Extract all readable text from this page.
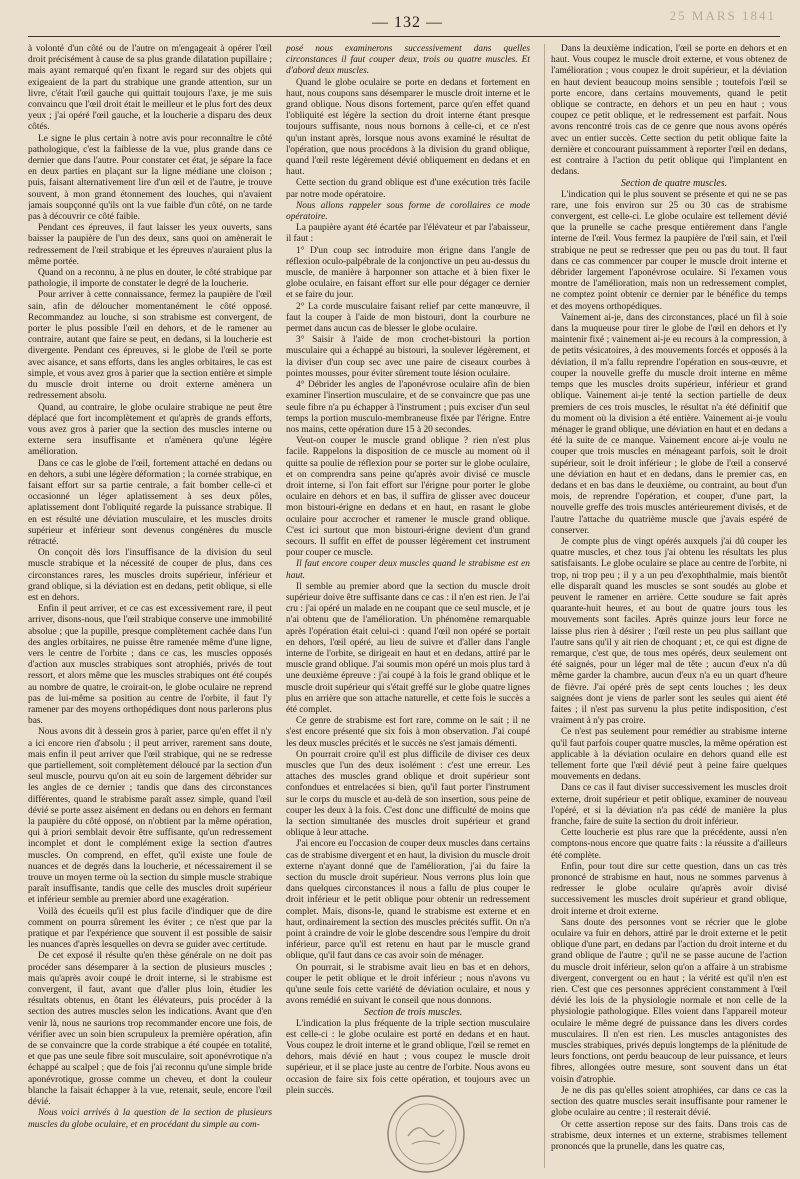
— 132 —	25 MARS 1841

à volonté d'un côté ou de l'autre on m'engageait à opérer l'œil droit précisément à cause de sa plus grande dilatation pupillaire ; mais ayant remarqué qu'en fixant le regard sur des objets qui exigeaient de la part du strabique une grande attention, sur un livre, c'était l'œil gauche qui quittait toujours l'axe, je me suis convaincu que l'œil droit était le meilleur et le plus fort des deux yeux ; j'ai opéré l'œil gauche, et la loucherie a disparu des deux côtés.

Le signe le plus certain à notre avis pour reconnaître le côté pathologique, c'est la faiblesse de la vue, plus grande dans ce dernier que dans l'autre. Pour constater cet état, je sépare la face en deux parties en plaçant sur la ligne médiane une cloison ; puis, faisant alternativement lire d'un œil et de l'autre, je trouve souvent, à mon grand étonnement des louches, qui n'avaient jamais soupçonné qu'ils ont la vue faible d'un côté, on ne tarde pas à découvrir ce côté faible.

Pendant ces épreuves, il faut laisser les yeux ouverts, sans baisser la paupière de l'un des deux, sans quoi on amènerait le redressement de l'œil strabique et les épreuves n'auraient plus la même portée.

Quand on a reconnu, à ne plus en douter, le côté strabique par pathologie, il importe de constater le degré de la loucherie.

Pour arriver à cette connaissance, fermez la paupière de l'œil sain, afin de déloucher momentanément le côté opposé. Recommandez au louche, si son strabisme est convergent, de porter le plus possible l'œil en dehors, et de le ramener au contraire, autant que faire se peut, en dedans, si la loucherie est divergente. Pendant ces épreuves, si le globe de l'œil se porte avec aisance, et sans efforts, dans les angles orbitaires, le cas est simple, et vous avez gros à parier que la section entière et simple du muscle droit interne ou droit externe amènera un redressement absolu.

Quand, au contraire, le globe oculaire strabique ne peut être déplacé que fort incomplètement et qu'après de grands efforts, vous avez gros à parier que la section des muscles interne ou externe sera insuffisante et n'amènera qu'une légère amélioration.

Dans ce cas le globe de l'œil, fortement attaché en dedans ou en dehors, a subi une légère déformation ; la cornée strabique, en faisant effort sur sa partie centrale, a fait bomber celle-ci et occasionné un léger aplatissement à ses deux pôles, aplatissement dont l'obliquité regarde la puissance strabique. Il en est résulté une déviation musculaire, et les muscles droits supérieur et inférieur sont devenus congénères du muscle rétracté.

On conçoit dès lors l'insuffisance de la division du seul muscle strabique et la nécessité de couper de plus, dans ces circonstances rares, les muscles droits supérieur, inférieur et grand oblique, si la déviation est en dedans, petit oblique, si elle est en dehors.

Enfin il peut arriver, et ce cas est excessivement rare, il peut arriver, disons-nous, que l'œil strabique conserve une immobilité absolue ; que la pupille, presque complètement cachée dans l'un des angles orbitaires, ne puisse être ramenée même d'une ligne, vers le centre de l'orbite ; dans ce cas, les muscles opposés d'action aux muscles strabiques sont atrophiés, privés de tout ressort, et alors même que les muscles strabiques ont été coupés au nombre de quatre, le croirait-on, le globe oculaire ne reprend pas de lui-même sa position au centre de l'orbite, il faut l'y ramener par des moyens orthopédiques dont nous parlerons plus bas.

Nous avons dit à dessein gros à parier, parce qu'en effet il n'y a ici encore rien d'absolu ; il peut arriver, rarement sans doute, mais enfin il peut arriver que l'œil strabique, qui ne se redresse que partiellement, soit complètement déloucé par la section d'un seul muscle, pourvu qu'on ait eu soin de largement débrider sur les angles de ce dernier ; tandis que dans des circonstances différentes, quand le strabisme paraît assez simple, quand l'œil dévié se porte assez aisément en dedans ou en dehors en fermant la paupière du côté opposé, on n'obtient par la même opération, qui à priori semblait devoir être suffisante, qu'un redressement incomplet et dont le complément exige la section d'autres muscles. On comprend, en effet, qu'il existe une foule de nuances et de degrés dans la loucherie, et nécessairement il se trouve un moyen terme où la section du simple muscle strabique paraît insuffisante, tandis que celle des muscles droit supérieur et inférieur semble au premier abord une exagération.

Voilà des écueils qu'il est plus facile d'indiquer que de dire comment on pourra sûrement les éviter ; ce n'est que par la pratique et par l'expérience que souvent il est possible de saisir les nuances d'après lesquelles on devra se guider avec certitude.

De cet exposé il résulte qu'en thèse générale on ne doit pas procéder sans désemparer à la section de plusieurs muscles ; mais qu'après avoir coupé le droit interne, si le strabisme est convergent, il faut, avant que d'aller plus loin, étudier les résultats obtenus, en ôtant les élévateurs, puis procéder à la section des autres muscles selon les indications. Avant que d'en venir là, nous ne saurions trop recommander encore une fois, de vérifier avec un soin bien scrupuleux la première opération, afin de se convaincre que la corde strabique a été coupée en totalité, et que pas une seule fibre soit musculaire, soit aponévrotique n'a échappé au scalpel ; que de fois j'ai reconnu qu'une simple bride aponévrotique, grosse comme un cheveu, et dont la couleur blanche la faisait échapper à la vue, retenait, seule, encore l'œil dévié.

Nous voici arrivés à la question de la section de plusieurs muscles du globe oculaire, et en procédant du simple au com-

posé nous examinerons successivement dans quelles circonstances il faut couper deux, trois ou quatre muscles. Et d'abord deux muscles.

Quand le globe oculaire se porte en dedans et fortement en haut, nous coupons sans désemparer le muscle droit interne et le grand oblique. Nous disons fortement, parce qu'en effet quand l'obliquité est légère la section du droit interne étant presque toujours suffisante, nous nous bornons à celle-ci, et ce n'est qu'un instant après, lorsque nous avons examiné le résultat de l'opération, que nous procédons à la division du grand oblique, quand l'œil reste légèrement dévié obliquement en dedans et en haut.

Cette section du grand oblique est d'une exécution très facile par notre mode opératoire.

Nous allons rappeler sous forme de corollaires ce mode opératoire.

La paupière ayant été écartée par l'élévateur et par l'abaisseur, il faut :

1° D'un coup sec introduire mon érigne dans l'angle de réflexion oculo-palpébrale de la conjonctive un peu au-dessus du muscle, de manière à harponner son attache et à bien fixer le globe oculaire, en faisant effort sur elle pour dégager ce dernier et se faire du jour.

2° La corde musculaire faisant relief par cette manœuvre, il faut la couper à l'aide de mon bistouri, dont la courbure ne permet dans aucun cas de blesser le globe oculaire.

3° Saisir à l'aide de mon crochet-bistouri la portion musculaire qui a échappé au bistouri, la soulever légèrement, et la diviser d'un coup sec avec une paire de ciseaux courbes à pointes mousses, pour éviter sûrement toute lésion oculaire.

4° Débrider les angles de l'aponévrose oculaire afin de bien examiner l'insertion musculaire, et de se convaincre que pas une seule fibre n'a pu échapper à l'instrument ; puis exciser d'un seul temps la portion musculo-membraneuse fixée par l'érigne. Entre nos mains, cette opération dure 15 à 20 secondes.

Veut-on couper le muscle grand oblique ? rien n'est plus facile. Rappelons la disposition de ce muscle au moment où il quitte sa poulie de réflexion pour se porter sur le globe oculaire, et on comprendra sans peine qu'après avoir divisé ce muscle droit interne, si l'on fait effort sur l'érigne pour porter le globe oculaire en dehors et en bas, il suffira de glisser avec douceur mon bistouri-érigne en dedans et en haut, en rasant le globe oculaire pour accrocher et ramener le muscle grand oblique. C'est ici surtout que mon bistouri-érigne devient d'un grand secours. Il suffit en effet de pousser légèrement cet instrument pour couper ce muscle.

Il faut encore couper deux muscles quand le strabisme est en haut.

Il semble au premier abord que la section du muscle droit supérieur doive être suffisante dans ce cas : il n'en est rien. Je l'ai cru : j'ai opéré un malade en ne coupant que ce seul muscle, et je n'ai obtenu que de l'amélioration. Un phénomène remarquable après l'opération était celui-ci : quand l'œil non opéré se portait en dehors, l'œil opéré, au lieu de suivre et d'aller dans l'angle interne de l'orbite, se dirigeait en haut et en dedans, attiré par le muscle grand oblique. J'ai soumis mon opéré un mois plus tard à une deuxième épreuve : j'ai coupé à la fois le grand oblique et le muscle droit supérieur qui s'était greffé sur le globe quatre lignes plus en arrière que son attache naturelle, et cette fois le succès a été complet.

Ce genre de strabisme est fort rare, comme on le sait ; il ne s'est encore présenté que six fois à mon observation. J'ai coupé les deux muscles précités et le succès ne s'est jamais démenti.

On pourrait croire qu'il est plus difficile de diviser ces deux muscles que l'un des deux isolément : c'est une erreur. Les attaches des muscles grand oblique et droit supérieur sont confondues et entrelacées si bien, qu'il faut porter l'instrument sur le corps du muscle et au-delà de son insertion, sous peine de couper les deux à la fois. C'est donc une difficulté de moins que la section simultanée des muscles droit supérieur et grand oblique à leur attache.

J'ai encore eu l'occasion de couper deux muscles dans certains cas de strabisme divergent et en haut, la division du muscle droit externe n'ayant donné que de l'amélioration, j'ai du faire la section du muscle droit supérieur. Nous verrons plus loin que dans quelques circonstances il nous a fallu de plus couper le droit inférieur et le petit oblique pour obtenir un redressement complet. Mais, disons-le, quand le strabisme est externe et en haut, ordinairement la section des muscles précités suffit. On n'a point à craindre de voir le globe descendre sous l'empire du droit inférieur, parce qu'il est retenu en haut par le muscle grand oblique, qu'il faut dans ce cas avoir soin de ménager.

On pourrait, si le strabisme avait lieu en bas et en dehors, couper le petit oblique et le droit inférieur ; nous n'avons vu qu'une seule fois cette variété de déviation oculaire, et nous y avons remédié en suivant le conseil que nous donnons.

Section de trois muscles.

L'indication la plus fréquente de la triple section musculaire est celle-ci : le globe oculaire est porté en dedans et en haut. Vous coupez le droit interne et le grand oblique, l'œil se remet en dehors, mais dévié en haut ; vous coupez le muscle droit supérieur, et il se place juste au centre de l'orbite. Nous avons eu occasion de faire six fois cette opération, et toujours avec un plein succès.

Dans la deuxième indication, l'œil se porte en dehors et en haut. Vous coupez le muscle droit externe, et vous obtenez de l'amélioration ; vous coupez le droit supérieur, et la déviation en haut devient beaucoup moins sensible ; toutefois l'œil se porte encore, dans certains mouvements, quand le petit oblique se contracte, en dehors et un peu en haut ; vous coupez ce petit oblique, et le redressement est parfait. Nous avons rencontré trois cas de ce genre que nous avons opérés avec un entier succès. Cette section du petit oblique faite la dernière et concourant puissamment à reporter l'œil en dedans, est contraire à l'action du petit oblique qui l'implantent en dedans.

Section de quatre muscles.

L'indication qui le plus souvent se présente et qui ne se pas rare, une fois environ sur 25 ou 30 cas de strabisme convergent, est celle-ci. Le globe oculaire est tellement dévié que la prunelle se cache presque entièrement dans l'angle interne de l'œil. Vous fermez la paupière de l'œil sain, et l'œil strabique ne peut se redresser que peu ou pas du tout. Il faut dans ce cas commencer par couper le muscle droit interne et débrider largement l'aponévrose oculaire. Si l'examen vous montre de l'amélioration, mais non un redressement complet, ne comptez point obtenir ce dernier par le bénéfice du temps et des moyens orthopédiques.

Vainement ai-je, dans des circonstances, placé un fil à soie dans la muqueuse pour tirer le globe de l'œil en dehors et l'y maintenir fixé ; vainement ai-je eu recours à la compression, à de petits vésicatoires, à des mouvements forcés et opposés à la déviation, il m'a fallu reprendre l'opération en sous-œuvre, et couper la nouvelle greffe du muscle droit interne en même temps que les muscles droits supérieur, inférieur et grand oblique. Vainement ai-je tenté la section partielle de deux premiers de ces trois muscles, le résultat n'a été définitif que du moment où la division a été entière. Vainement ai-je voulu ménager le grand oblique, une déviation en haut et en dedans a été la suite de ce manque. Vainement encore ai-je voulu ne couper que trois muscles en ménageant parfois, soit le droit supérieur, soit le droit inférieur ; le globe de l'œil a conservé une déviation en haut et en dedans, dans le premier cas, en dedans et en bas dans le deuxième, ou contraint, au bout d'un mois, de reprendre l'opération, et couper, d'une part, la nouvelle greffe des trois muscles antérieurement divisés, et de l'autre l'attache du quatrième muscle que j'avais espéré de conserver.

Je compte plus de vingt opérés auxquels j'ai dû couper les quatre muscles, et chez tous j'ai obtenu les résultats les plus satisfaisants. Le globe oculaire se place au centre de l'orbite, ni trop, ni trop peu ; il y a un peu d'exophthalmie, mais bientôt elle disparaît quand les muscles se sont soudés au globe et peuvent le ramener en arrière. Cette soudure se fait après quarante-huit heures, et au bout de quatre jours tous les mouvements sont faciles. Après quinze jours leur force ne laisse plus rien à désirer ; l'œil reste un peu plus saillant que l'autre sans qu'il y ait rien de choquant ; et, ce qui est digne de remarque, c'est que, de tous mes opérés, deux seulement ont été saignés, pour un léger mal de tête ; aucun d'eux n'a dû même garder la chambre, aucun d'eux n'a eu un quart d'heure de fièvre. J'ai opéré près de sept cents louches ; les deux saignées dont je viens de parler sont les seules qui aient été faites ; il n'est pas survenu la plus petite indisposition, c'est vraiment à n'y pas croire.

Ce n'est pas seulement pour remédier au strabisme interne qu'il faut parfois couper quatre muscles, la même opération est applicable à la déviation oculaire en dehors quand elle est tellement forte que l'œil dévié peut à peine faire quelques mouvements en dedans.

Dans ce cas il faut diviser successivement les muscles droit externe, droit supérieur et petit oblique, examiner de nouveau l'opéré, et si la déviation n'a pas cédé de manière la plus franche, faire de suite la section du droit inférieur.

Cette loucherie est plus rare que la précédente, aussi n'en comptons-nous encore que quatre faits : la réussite a d'ailleurs été complète.

Enfin, pour tout dire sur cette question, dans un cas très prononcé de strabisme en haut, nous ne sommes parvenus à redresser le globe oculaire qu'après avoir divisé successivement les muscles droit supérieur et grand oblique, droit interne et droit externe.

Sans doute des personnes vont se récrier que le globe oculaire va fuir en dehors, attiré par le droit externe et le petit oblique d'une part, en dedans par l'action du droit interne et du grand oblique de l'autre ; qu'il ne se passe aucune de l'action du muscle droit inférieur, selon qu'on a affaire à un strabisme divergent, convergent ou en haut ; la vérité est qu'il n'en est rien. C'est que ces personnes apprécient constamment à l'œil dévié les lois de la physiologie normale et non celle de la physiologie pathologique. Elles voient dans l'appareil moteur oculaire le même degré de puissance dans les divers cordes musculaires. Il n'en est rien. Les muscles antagonistes des muscles strabiques, privés depuis longtemps de la plénitude de leurs fonctions, ont perdu beaucoup de leur puissance, et leurs fibres, allongées outre mesure, sont souvent dans un état voisin d'atrophie.

Je ne dis pas qu'elles soient atrophiées, car dans ce cas la section des quatre muscles serait insuffisante pour ramener le globe oculaire au centre ; il resterait dévié.

Or cette assertion repose sur des faits. Dans trois cas de strabisme, deux internes et un externe, strabismes tellement prononcés que la prunelle, dans les quatre cas,
